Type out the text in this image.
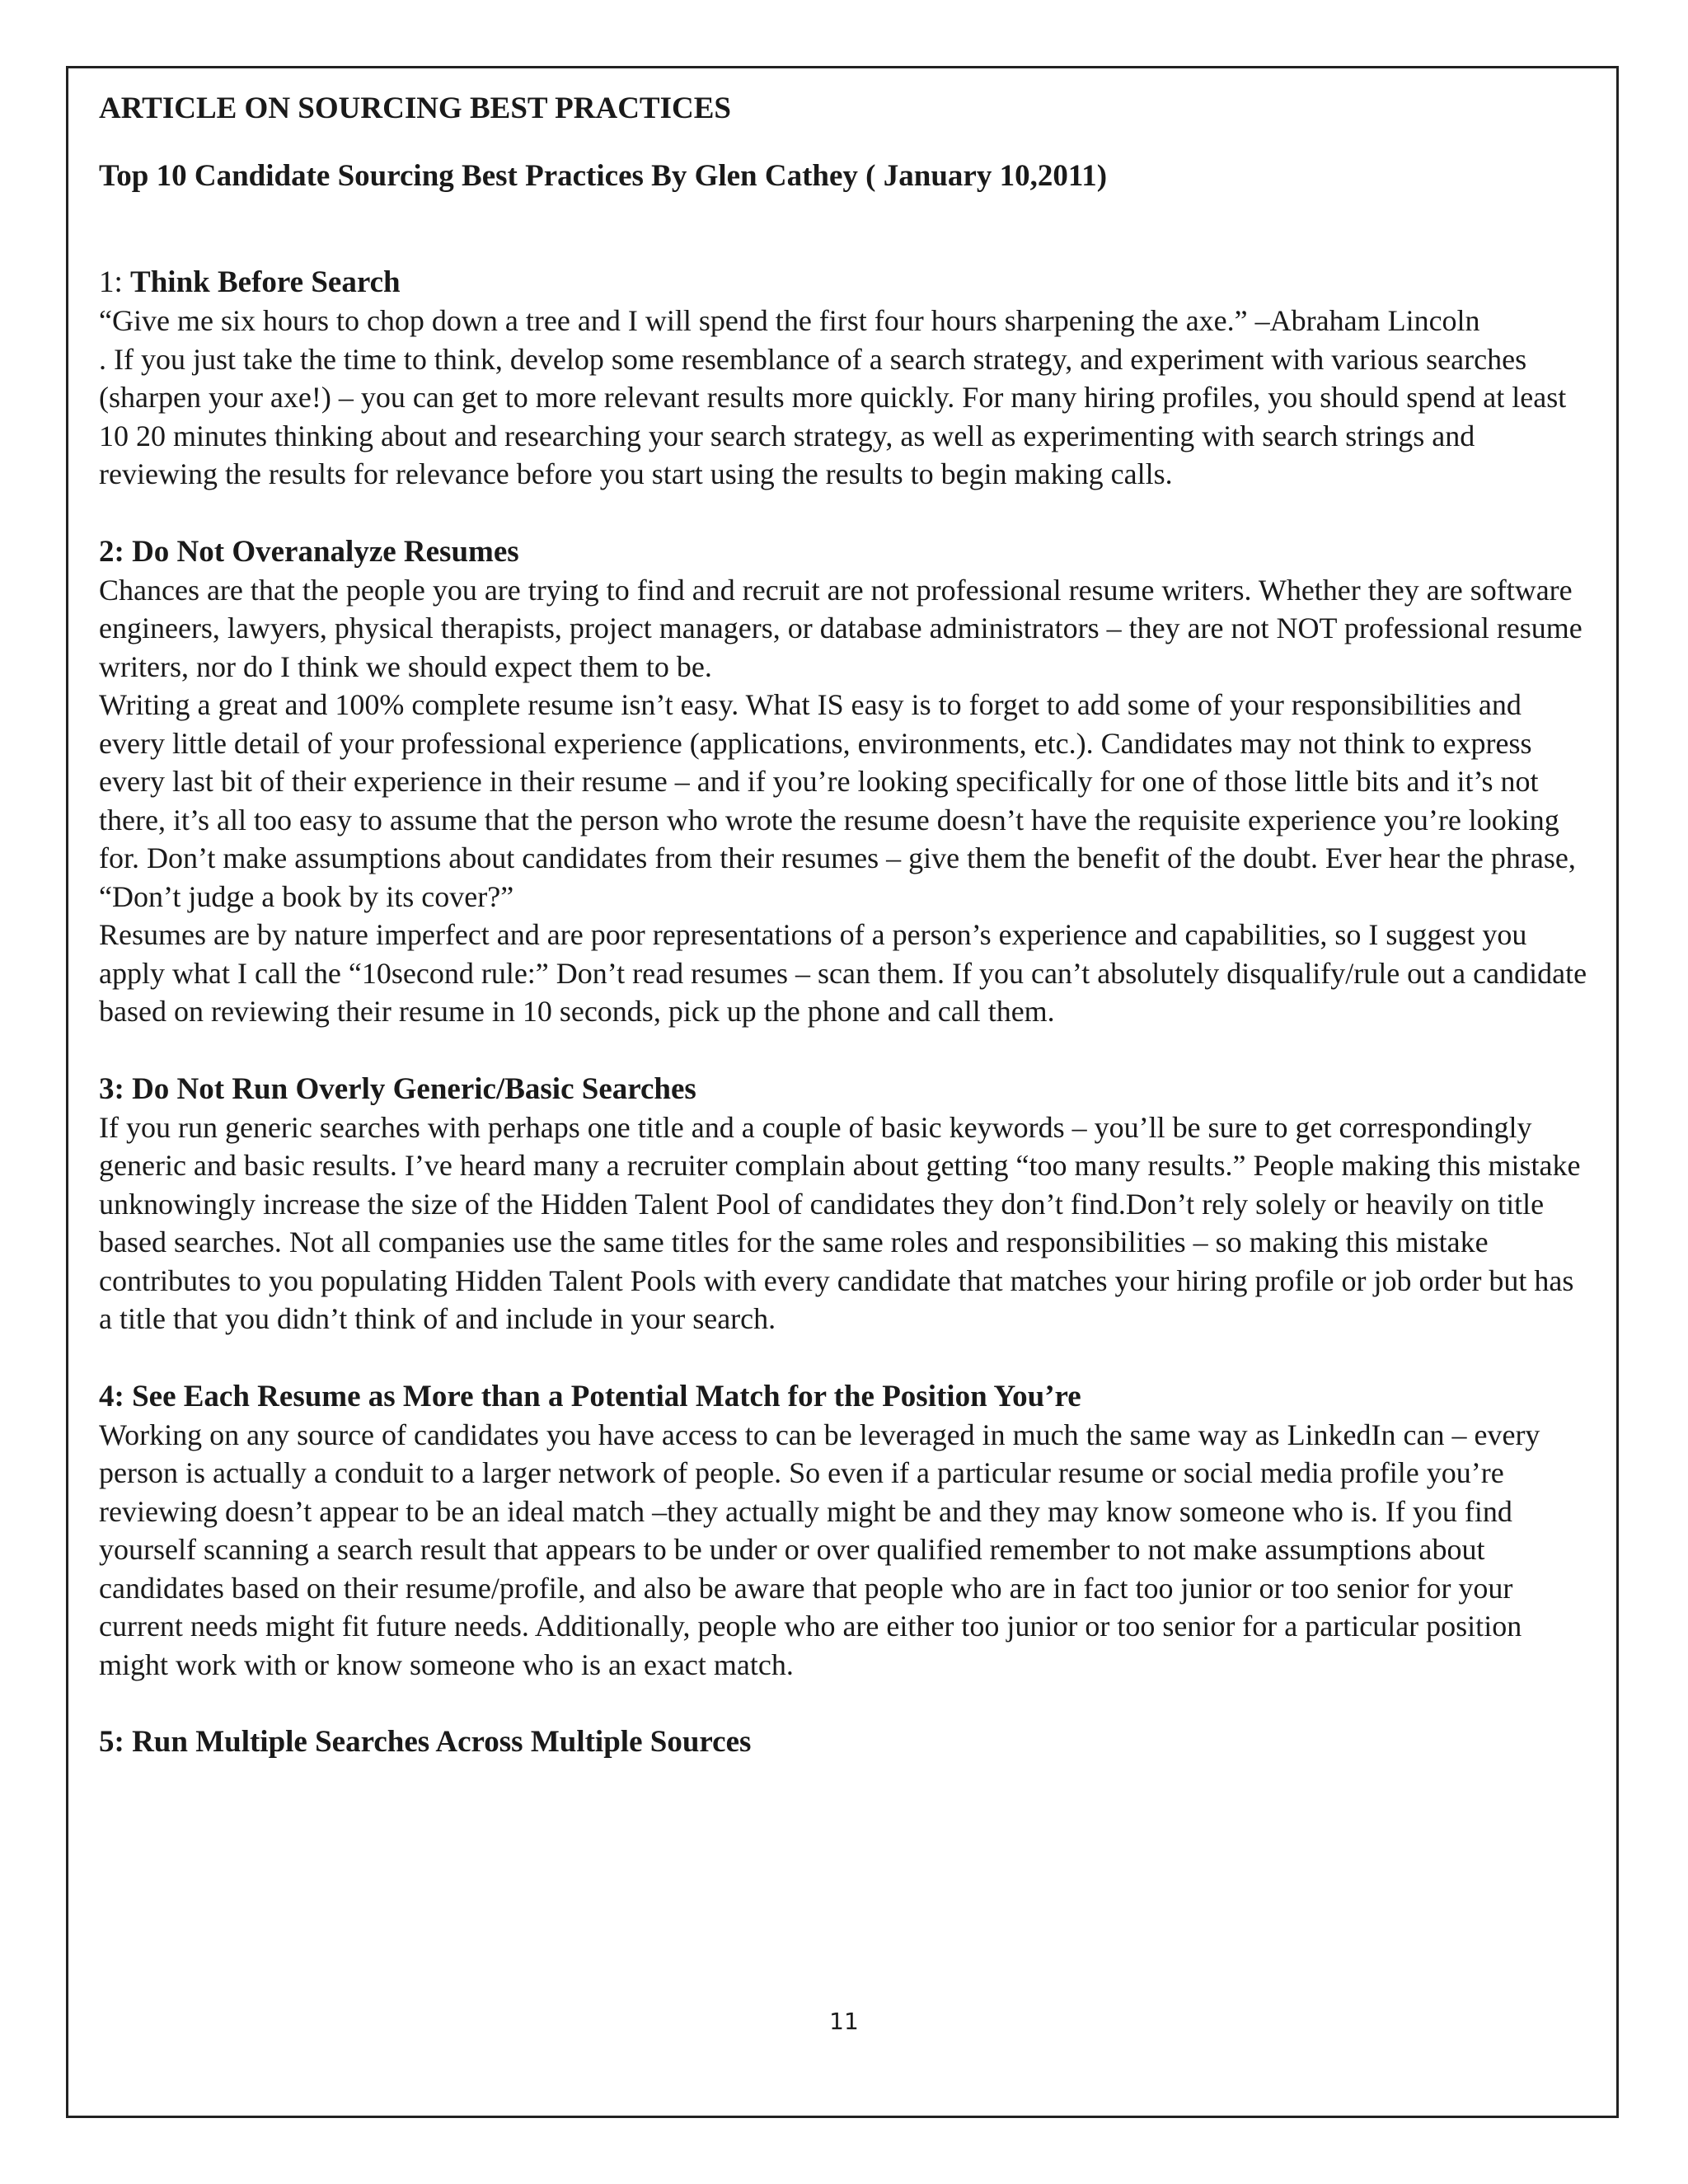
ARTICLE ON SOURCING BEST PRACTICES

Top 10 Candidate Sourcing Best Practices By Glen Cathey ( January 10,2011)

1: Think Before Search

“Give me six hours to chop down a tree and I will spend the first four hours sharpening the axe.” –Abraham Lincoln

. If you just take the time to think, develop some resemblance of a search strategy, and experiment with various searches (sharpen your axe!) – you can get to more relevant results more quickly. For many hiring profiles, you should spend at least 10 20 minutes thinking about and researching your search strategy, as well as experimenting with search strings and reviewing the results for relevance before you start using the results to begin making calls.

2: Do Not Overanalyze Resumes

Chances are that the people you are trying to find and recruit are not professional resume writers. Whether they are software engineers, lawyers, physical therapists, project managers, or database administrators – they are not NOT professional resume writers, nor do I think we should expect them to be.

Writing a great and 100% complete resume isn’t easy. What IS easy is to forget to add some of your responsibilities and every little detail of your professional experience (applications, environments, etc.). Candidates may not think to express every last bit of their experience in their resume – and if you’re looking specifically for one of those little bits and it’s not there, it’s all too easy to assume that the person who wrote the resume doesn’t have the requisite experience you’re looking for. Don’t make assumptions about candidates from their resumes – give them the benefit of the doubt. Ever hear the phrase, “Don’t judge a book by its cover?”

Resumes are by nature imperfect and are poor representations of a person’s experience and capabilities, so I suggest you apply what I call the “10second rule:” Don’t read resumes – scan them. If you can’t absolutely disqualify/rule out a candidate based on reviewing their resume in 10 seconds, pick up the phone and call them.

3: Do Not Run Overly Generic/Basic Searches

If you run generic searches with perhaps one title and a couple of basic keywords – you’ll be sure to get correspondingly generic and basic results. I’ve heard many a recruiter complain about getting “too many results.” People making this mistake unknowingly increase the size of the Hidden Talent Pool of candidates they don’t find.Don’t rely solely or heavily on title based searches. Not all companies use the same titles for the same roles and responsibilities – so making this mistake contributes to you populating Hidden Talent Pools with every candidate that matches your hiring profile or job order but has a title that you didn’t think of and include in your search.

4: See Each Resume as More than a Potential Match for the Position You’re

Working on any source of candidates you have access to can be leveraged in much the same way as LinkedIn can – every person is actually a conduit to a larger network of people. So even if a particular resume or social media profile you’re reviewing doesn’t appear to be an ideal match –they actually might be and they may know someone who is. If you find yourself scanning a search result that appears to be under or over qualified remember to not make assumptions about candidates based on their resume/profile, and also be aware that people who are in fact too junior or too senior for your current needs might fit future needs. Additionally, people who are either too junior or too senior for a particular position might work with or know someone who is an exact match.

5: Run Multiple Searches Across Multiple Sources

11
